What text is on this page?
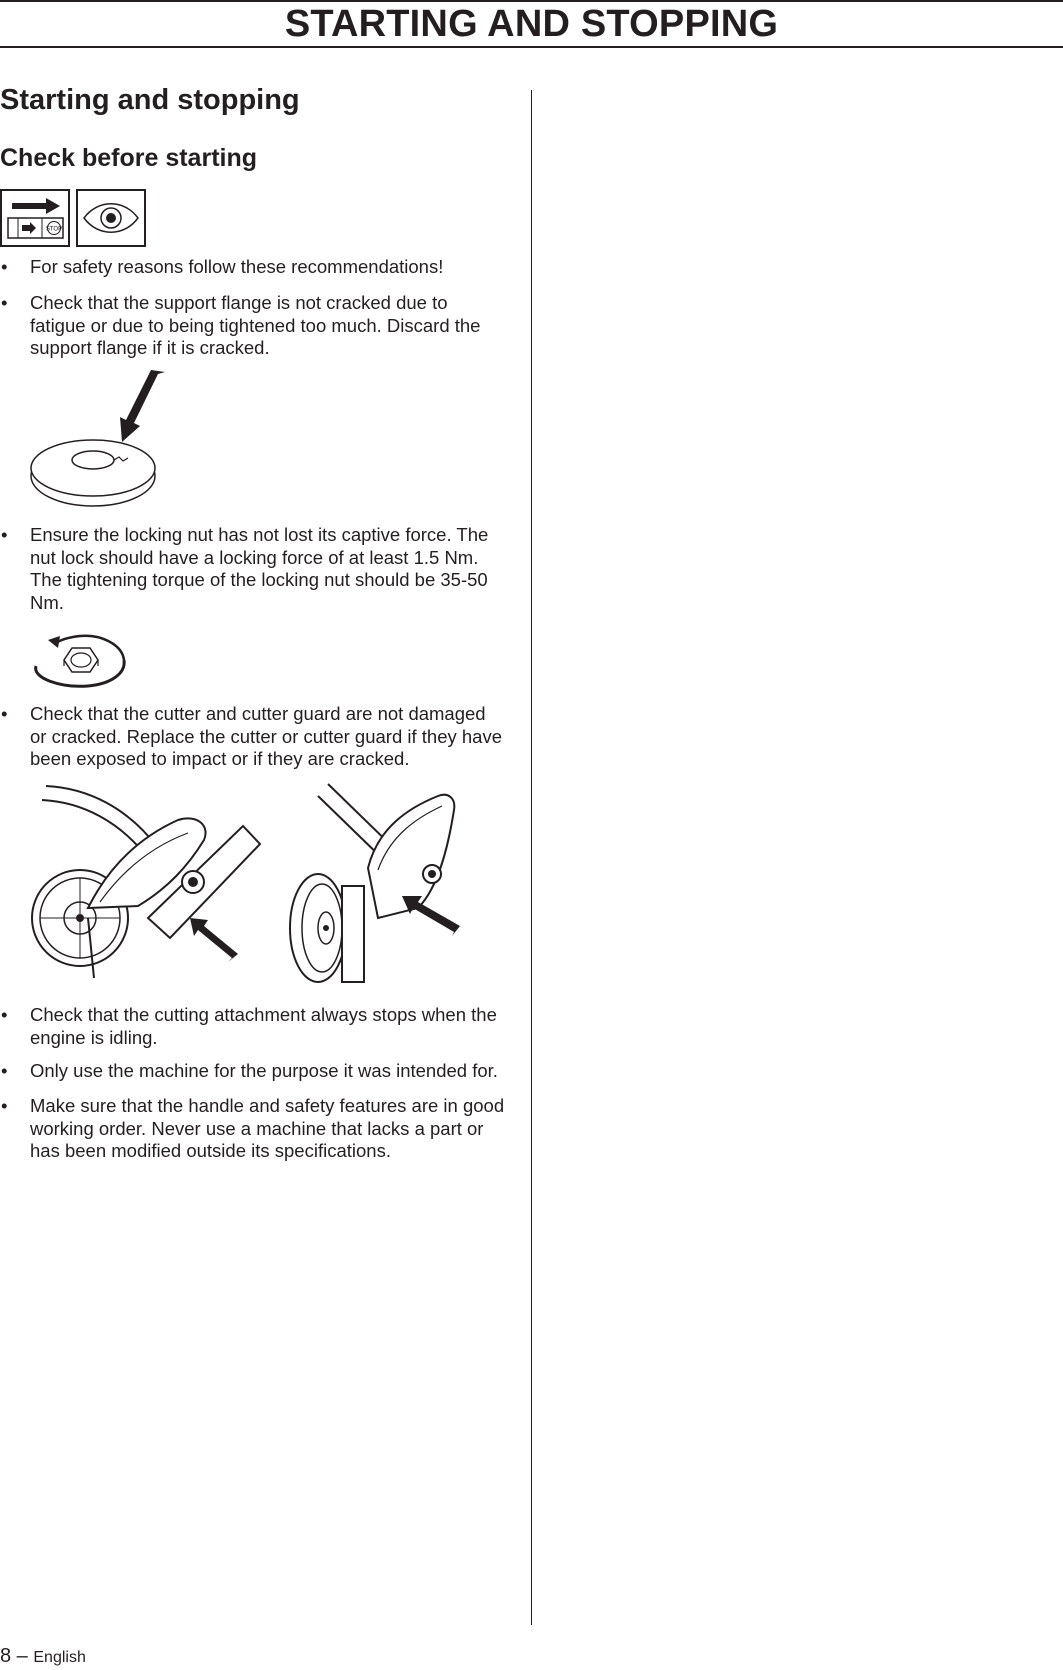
STARTING AND STOPPING
Starting and stopping
Check before starting
STOP
• For safety reasons follow these recommendations!
• Check that the support flange is not cracked due to fatigue or due to being tightened too much. Discard the support flange if it is cracked.
• Ensure the locking nut has not lost its captive force. The nut lock should have a locking force of at least 1.5 Nm. The tightening torque of the locking nut should be 35-50 Nm.
• Check that the cutter and cutter guard are not damaged or cracked. Replace the cutter or cutter guard if they have been exposed to impact or if they are cracked.
• Check that the cutting attachment always stops when the engine is idling.
• Only use the machine for the purpose it was intended for.
• Make sure that the handle and safety features are in good working order. Never use a machine that lacks a part or has been modified outside its specifications.
8 – English
